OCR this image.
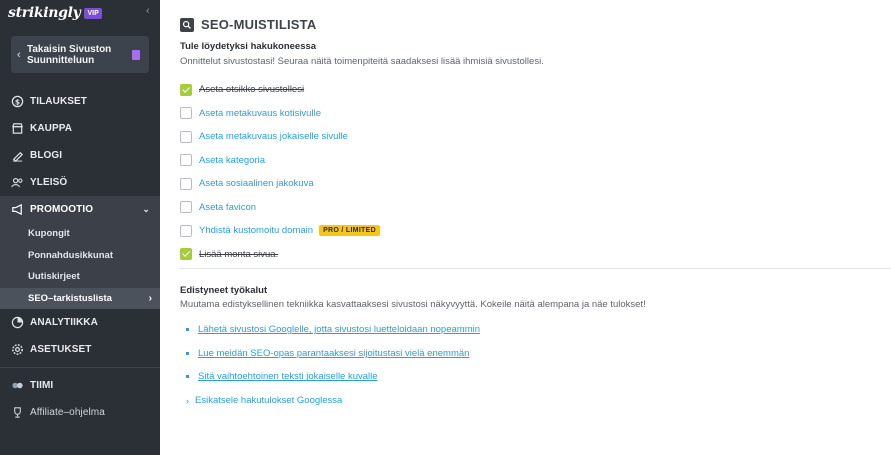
strikingly	VIP	‹
‹ Takaisin Sivuston Suunnitteluun
$ TILAUKSET
KAUPPA
BLOGI
YLEISÖ
PROMOOTIO	⌄
Kupongit
Ponnahdusikkunat
Uutiskirjeet
SEO–tarkistuslista	›
ANALYTIIKKA
ASETUKSET
TIIMI
Affiliate–ohjelma
SEO-MUISTILISTA
Tule löydetyksi hakukoneessa
Onnittelut sivustostasi! Seuraa näitä toimenpiteitä saadaksesi lisää ihmisiä sivustollesi.
Aseta otsikko sivustollesi
Aseta metakuvaus kotisivulle
Aseta metakuvaus jokaiselle sivulle
Aseta kategoria
Aseta sosiaalinen jakokuva
Aseta favicon
Yhdistä kustomoitu domain	PRO / LIMITED
Lisää monta sivua.
Edistyneet työkalut
Muutama edistyksellinen tekniikka kasvattaaksesi sivustosi näkyvyyttä. Kokeile näitä alempana ja näe tulokset!
Lähetä sivustosi Googlelle, jotta sivustosi luetteloidaan nopeammin
Lue meidän SEO-opas parantaaksesi sijoitustasi vielä enemmän
Sitä vaihtoehtoinen teksti jokaiselle kuvalle
› Esikatsele hakutulokset Googlessa
